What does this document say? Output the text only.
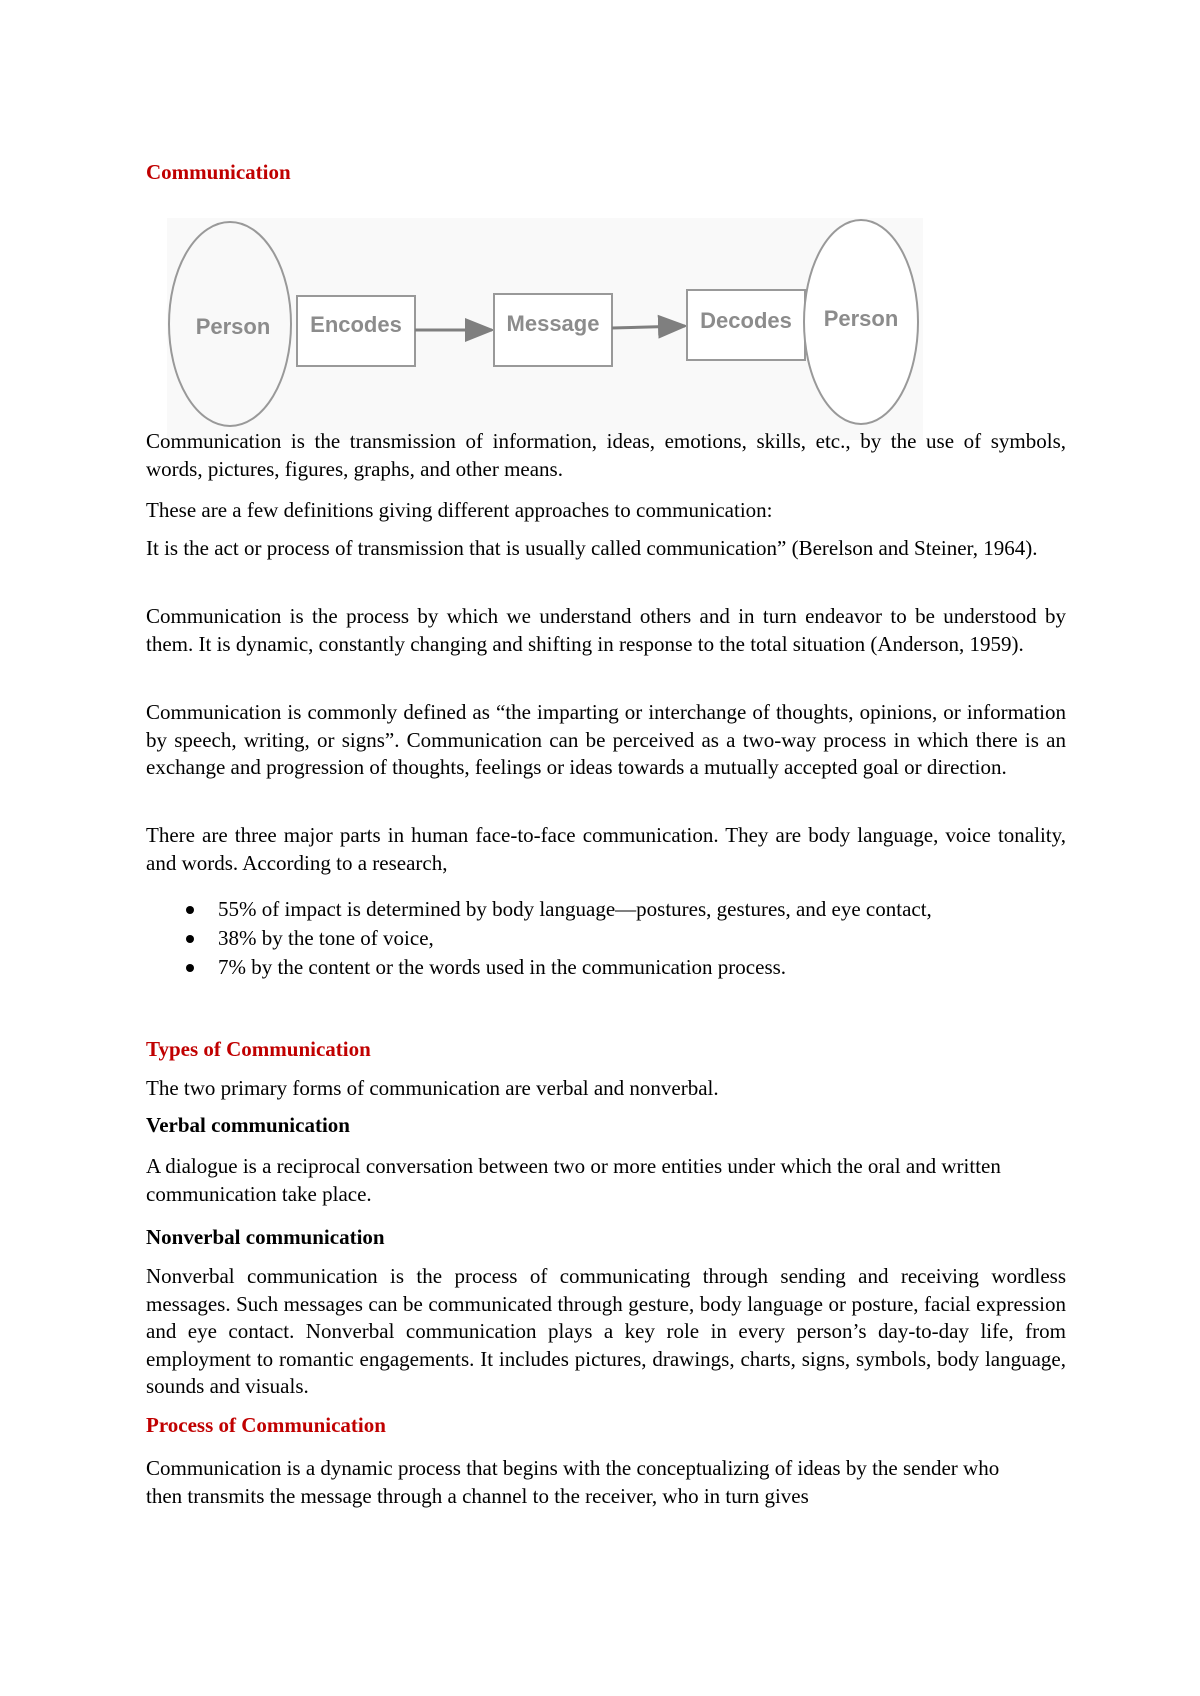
Communication
Person Encodes	Message	Decodes Person

Communication is the transmission of information, ideas, emotions, skills, etc., by the use of symbols, words, pictures, figures, graphs, and other means.

These are a few definitions giving different approaches to communication:

It is the act or process of transmission that is usually called communication” (Berelson and Steiner, 1964).

Communication is the process by which we understand others and in turn endeavor to be understood by them. It is dynamic, constantly changing and shifting in response to the total situation (Anderson, 1959).

Communication is commonly defined as “the imparting or interchange of thoughts, opinions, or information by speech, writing, or signs”. Communication can be perceived as a two-way process in which there is an exchange and progression of thoughts, feelings or ideas towards a mutually accepted goal or direction.

There are three major parts in human face-to-face communication. They are body language, voice tonality, and words. According to a research,

55% of impact is determined by body language—postures, gestures, and eye contact,
38% by the tone of voice,
7% by the content or the words used in the communication process.
Types of Communication

The two primary forms of communication are verbal and nonverbal.

Verbal communication

A dialogue is a reciprocal conversation between two or more entities under which the oral and written communication take place.

Nonverbal communication

Nonverbal communication is the process of communicating through sending and receiving wordless messages. Such messages can be communicated through gesture, body language or posture, facial expression and eye contact. Nonverbal communication plays a key role in every person’s day-to-day life, from employment to romantic engagements. It includes pictures, drawings, charts, signs, symbols, body language, sounds and visuals.

Process of Communication

Communication is a dynamic process that begins with the conceptualizing of ideas by the sender who then transmits the message through a channel to the receiver, who in turn gives
